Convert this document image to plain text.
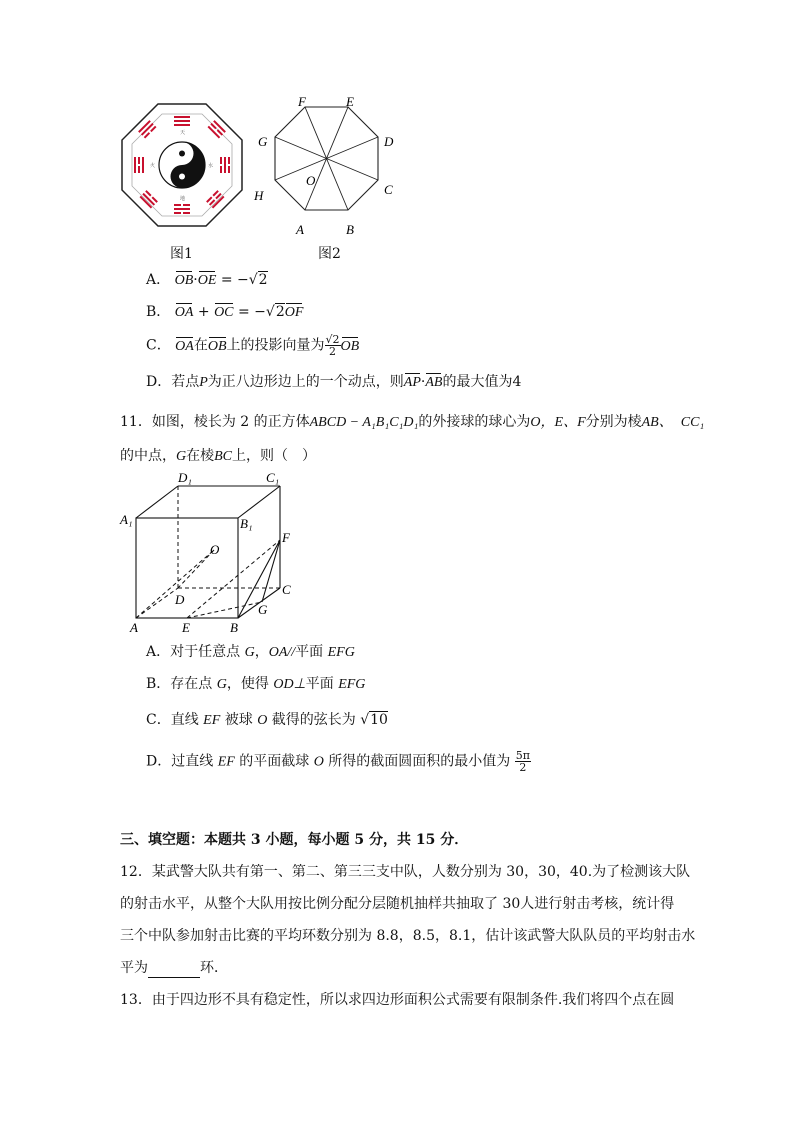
天
地
火	水
F	E
D
C
B
A
H
G
O
图1	图2
A． OB·OE = −√2
B． OA + OC = −√2OF
C． OA在OB上的投影向量为 $\frac{√2}{2}$ OB
D．若点P为正八边形边上的一个动点，则AP·AB的最大值为4
11．如图，棱长为 2 的正方体ABCD − A₁B₁C₁D₁的外接球的球心为O，E、F分别为棱AB、 CC₁
的中点，G在棱BC上，则（　）
D₁	C₁
A₁	B₁
O
F
D
C
G
A	E	B
A．对于任意点 G，OA//平面 EFG
B．存在点 G，使得 OD⊥平面 EFG
C．直线 EF 被球 O 截得的弦长为 √10
D．过直线 EF 的平面截球 O 所得的截面圆面积的最小值为 $\frac{5\pi}{2}$
三、填空题：本题共 3 小题，每小题 5 分，共 15 分．
12．某武警大队共有第一、第二、第三三支中队，人数分别为 30，30，40.为了检测该大队
的射击水平，从整个大队用按比例分配分层随机抽样共抽取了 30人进行射击考核，统计得
三个中队参加射击比赛的平均环数分别为 8.8，8.5，8.1，估计该武警大队队员的平均射击水
平为	环．
13．由于四边形不具有稳定性，所以求四边形面积公式需要有限制条件.我们将四个点在圆
